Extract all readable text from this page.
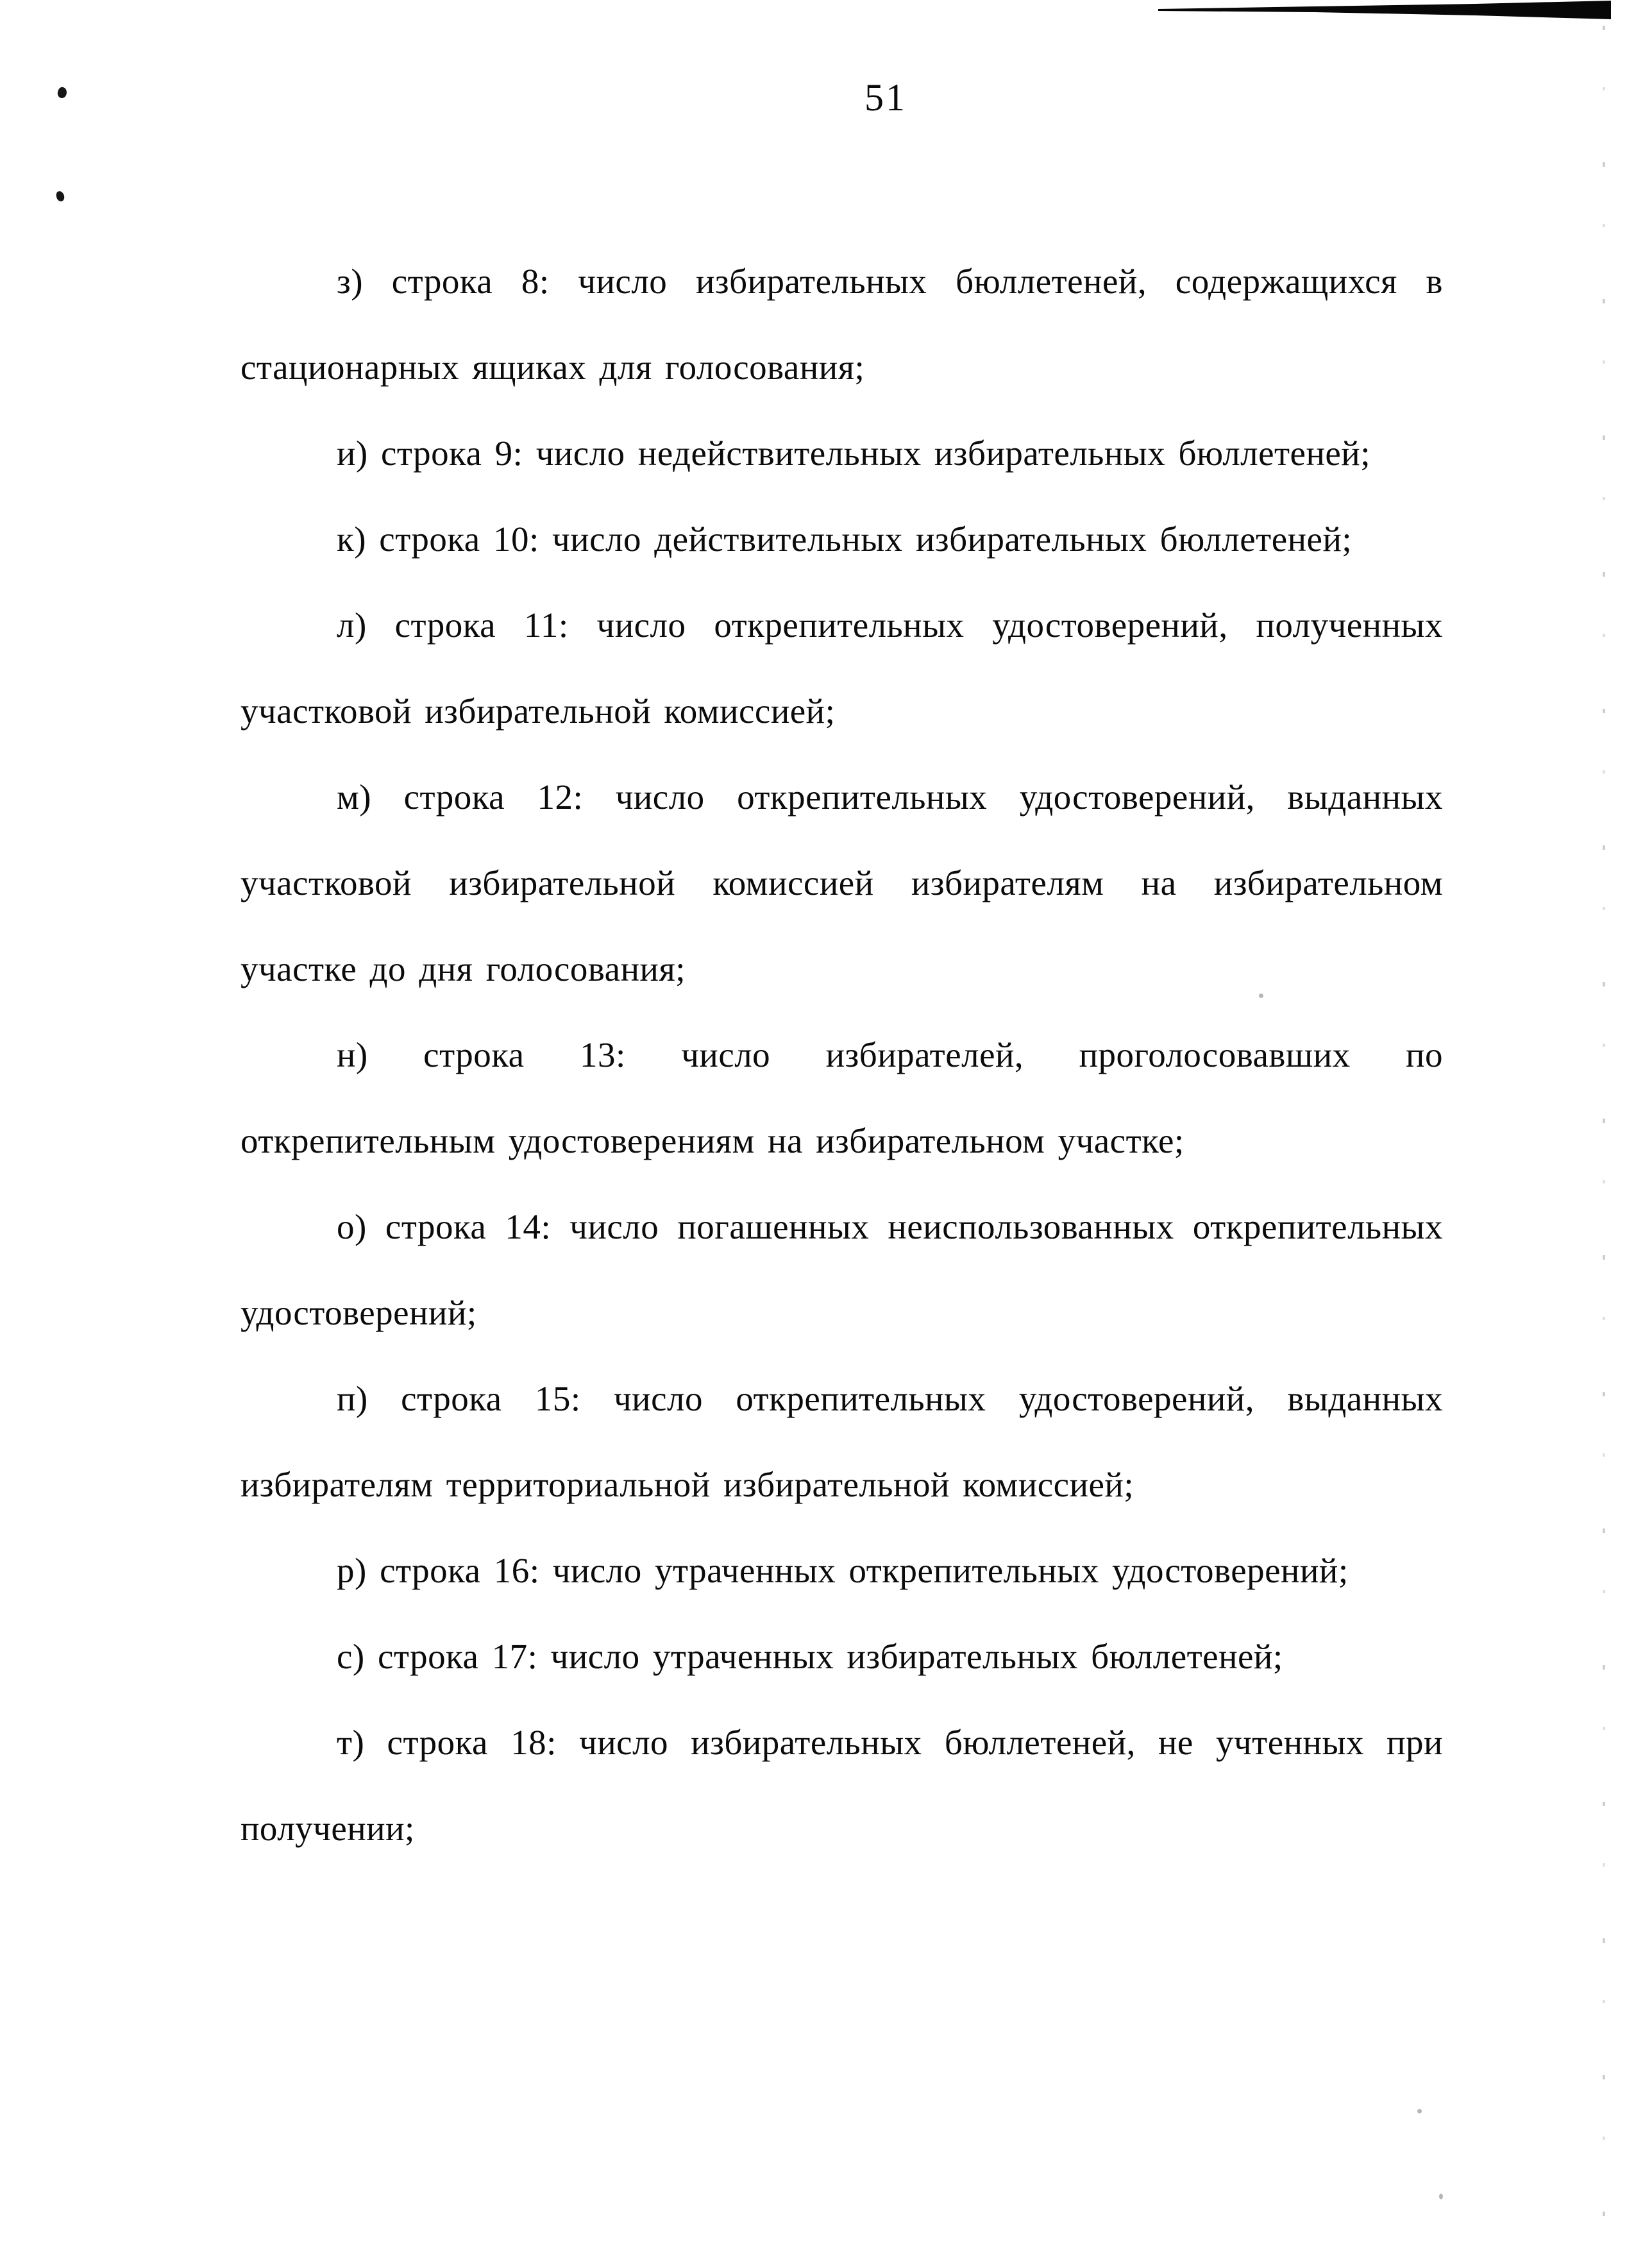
51
з) строка 8: число избирательных бюллетеней, содержащихся в
стационарных ящиках для голосования;
и) строка 9: число недействительных избирательных бюллетеней;
к) строка 10: число действительных избирательных бюллетеней;
л) строка 11: число открепительных удостоверений, полученных
участковой избирательной комиссией;
м) строка 12: число открепительных удостоверений, выданных
участковой избирательной комиссией избирателям на избирательном
участке до дня голосования;
н) строка 13: число избирателей, проголосовавших по
открепительным удостоверениям на избирательном участке;
о) строка 14: число погашенных неиспользованных открепительных
удостоверений;
п) строка 15: число открепительных удостоверений, выданных
избирателям территориальной избирательной комиссией;
р) строка 16: число утраченных открепительных удостоверений;
с) строка 17: число утраченных избирательных бюллетеней;
т) строка 18: число избирательных бюллетеней, не учтенных при
получении;
